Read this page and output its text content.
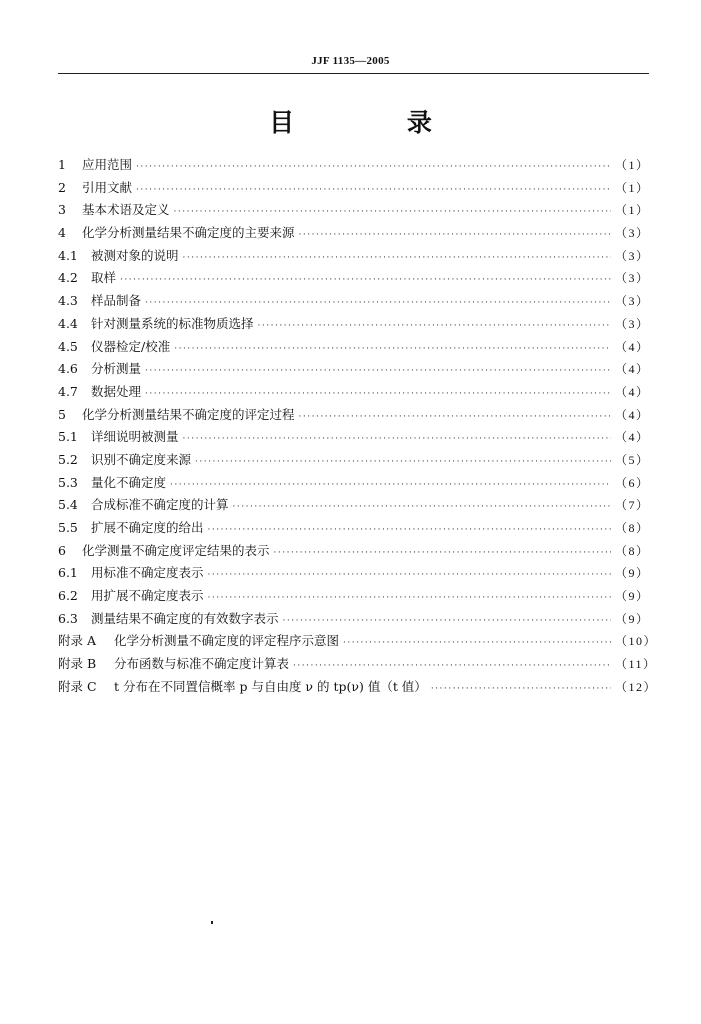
JJF 1135—2005
目 录
1	应用范围 ·····	（1）
2	引用文献 ·····	（1）
3	基本术语及定义 ·····	（1）
4	化学分析测量结果不确定度的主要来源 ·····	（3）
4.1	被测对象的说明 ·····	（3）
4.2	取样 ·····	（3）
4.3	样品制备 ·····	（3）
4.4	针对测量系统的标准物质选择 ·····	（3）
4.5	仪器检定/校准 ·····	（4）
4.6	分析测量 ·····	（4）
4.7	数据处理 ·····	（4）
5	化学分析测量结果不确定度的评定过程 ·····	（4）
5.1	详细说明被测量 ·····	（4）
5.2	识别不确定度来源 ·····	（5）
5.3	量化不确定度 ·····	（6）
5.4	合成标准不确定度的计算 ·····	（7）
5.5	扩展不确定度的给出 ·····	（8）
6	化学测量不确定度评定结果的表示 ·····	（8）
6.1	用标准不确定度表示 ·····	（9）
6.2	用扩展不确定度表示 ·····	（9）
6.3	测量结果不确定度的有效数字表示 ·····	（9）
附录 A	化学分析测量不确定度的评定程序示意图 ·····	（10）
附录 B	分布函数与标准不确定度计算表 ·····	（11）
附录 C	t 分布在不同置信概率 p 与自由度 ν 的 tp(ν) 值（t 值） ·····	（12）
